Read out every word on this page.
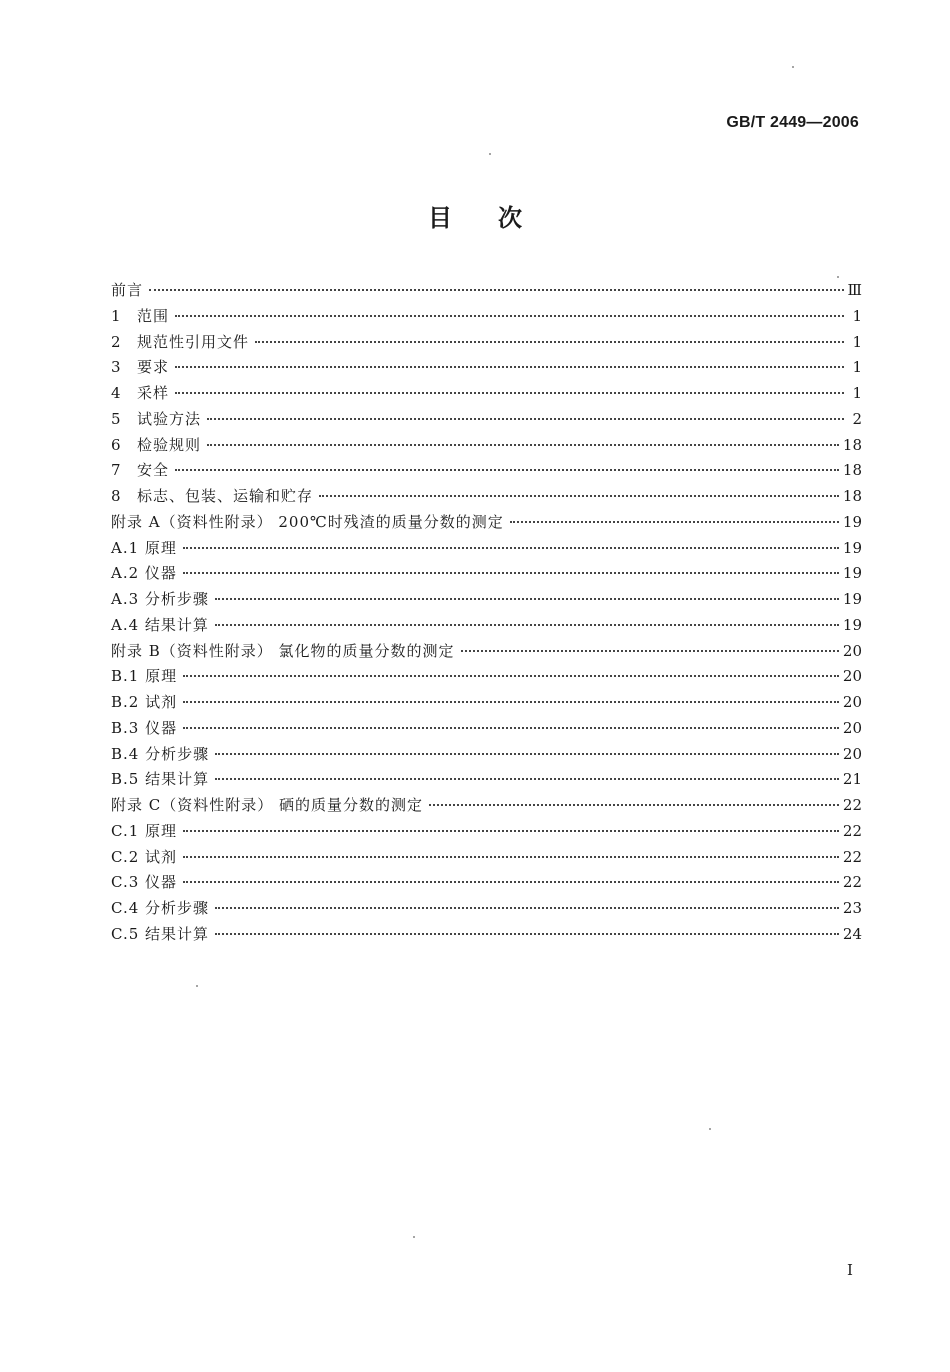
GB/T 2449—2006
目次
前言	Ⅲ
1	范围	1
2	规范性引用文件	1
3	要求	1
4	采样	1
5	试验方法	2
6	检验规则	18
7	安全	18
8	标志、包装、运输和贮存	18
附录 A（资料性附录） 200℃时残渣的质量分数的测定	19
A.1 原理	19
A.2 仪器	19
A.3 分析步骤	19
A.4 结果计算	19
附录 B（资料性附录） 氯化物的质量分数的测定	20
B.1 原理	20
B.2 试剂	20
B.3 仪器	20
B.4 分析步骤	20
B.5 结果计算	21
附录 C（资料性附录） 硒的质量分数的测定	22
C.1 原理	22
C.2 试剂	22
C.3 仪器	22
C.4 分析步骤	23
C.5 结果计算	24
I
